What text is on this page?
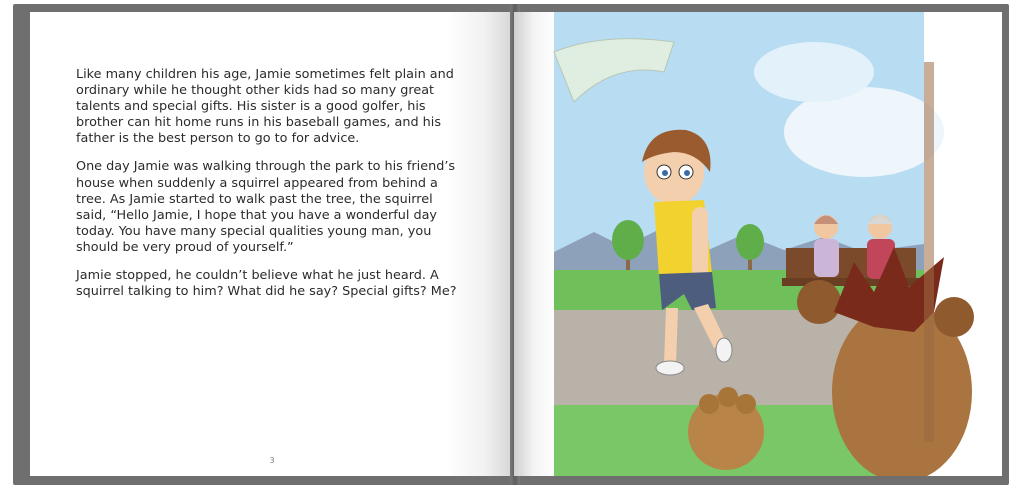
Like many children his age, Jamie sometimes felt plain and
ordinary while he thought other kids had so many great
talents and special gifts. His sister is a good golfer, his
brother can hit home runs in his baseball games, and his
father is the best person to go to for advice.

One day Jamie was walking through the park to his friend’s
house when suddenly a squirrel appeared from behind a
tree. As Jamie started to walk past the tree, the squirrel
said, “Hello Jamie, I hope that you have a wonderful day
today. You have many special qualities young man, you
should be very proud of yourself.”

Jamie stopped, he couldn’t believe what he just heard. A
squirrel talking to him? What did he say? Special gifts? Me?

3
